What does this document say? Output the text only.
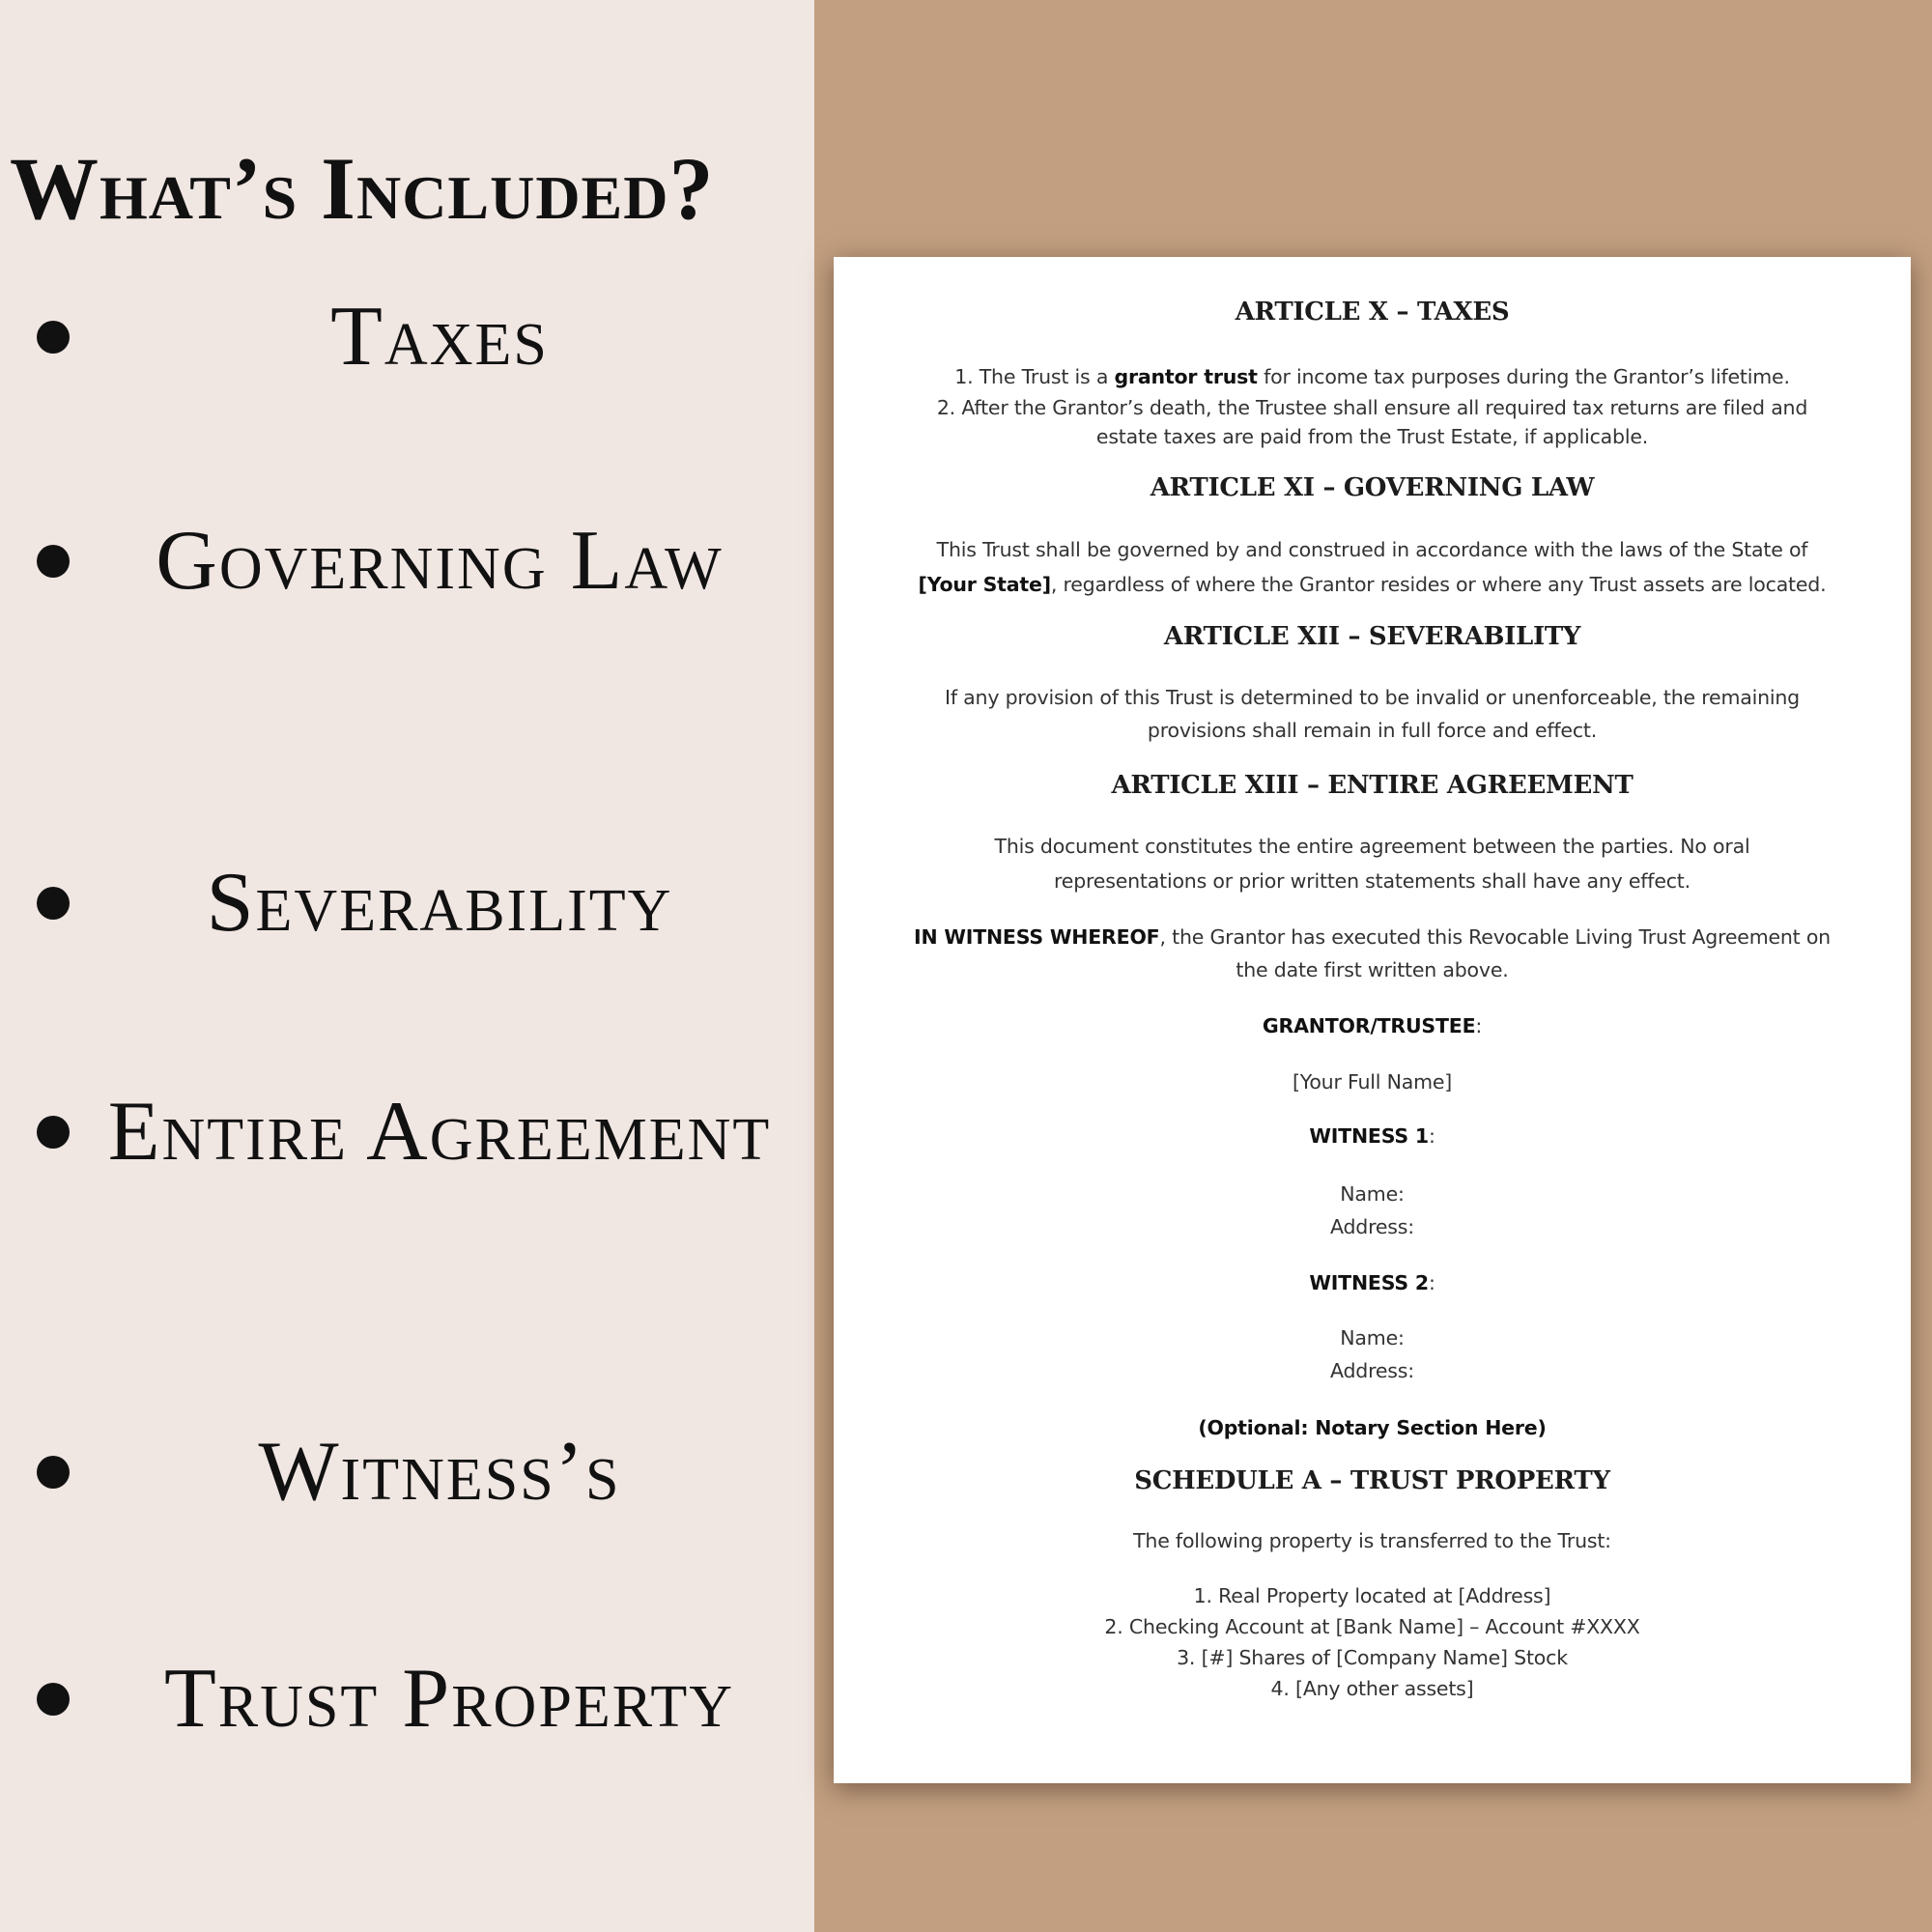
What’s Included?
Taxes
Governing Law
Severability
Entire Agreement
Witness’s
Trust Property
ARTICLE X – TAXES
1. The Trust is a grantor trust for income tax purposes during the Grantor’s lifetime.
2. After the Grantor’s death, the Trustee shall ensure all required tax returns are filed and
estate taxes are paid from the Trust Estate, if applicable.
ARTICLE XI – GOVERNING LAW
This Trust shall be governed by and construed in accordance with the laws of the State of
[Your State], regardless of where the Grantor resides or where any Trust assets are located.
ARTICLE XII – SEVERABILITY
If any provision of this Trust is determined to be invalid or unenforceable, the remaining
provisions shall remain in full force and effect.
ARTICLE XIII – ENTIRE AGREEMENT
This document constitutes the entire agreement between the parties. No oral
representations or prior written statements shall have any effect.
IN WITNESS WHEREOF, the Grantor has executed this Revocable Living Trust Agreement on
the date first written above.
GRANTOR/TRUSTEE:
[Your Full Name]
WITNESS 1:
Name:
Address:
WITNESS 2:
Name:
Address:
(Optional: Notary Section Here)
SCHEDULE A – TRUST PROPERTY
The following property is transferred to the Trust:
1. Real Property located at [Address]
2. Checking Account at [Bank Name] – Account #XXXX
3. [#] Shares of [Company Name] Stock
4. [Any other assets]
